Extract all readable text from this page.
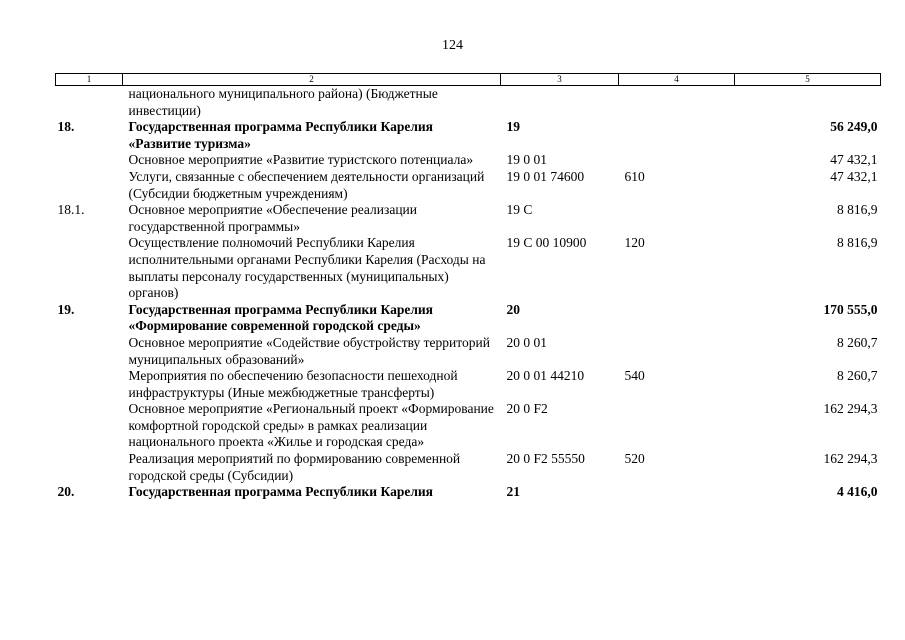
124
1	2	3	4	5
	национального муниципального района) (Бюджетные инвестиции)			
18.	Государственная программа Республики Карелия «Развитие туризма»	19		56 249,0
	Основное мероприятие «Развитие туристского потенциала»	19 0 01		47 432,1
	Услуги, связанные с обеспечением деятельности организаций (Субсидии бюджетным учреждениям)	19 0 01 74600	610	47 432,1
18.1.	Основное мероприятие «Обеспечение реализации государственной программы»	19 С		8 816,9
	Осуществление полномочий Республики Карелия исполнительными органами Республики Карелия (Расходы на выплаты персоналу государственных (муниципальных) органов)	19 С 00 10900	120	8 816,9
19.	Государственная программа Республики Карелия «Формирование современной городской среды»	20		170 555,0
	Основное мероприятие «Содействие обустройству территорий муниципальных образований»	20 0 01		8 260,7
	Мероприятия по обеспечению безопасности пешеходной инфраструктуры (Иные межбюджетные трансферты)	20 0 01 44210	540	8 260,7
	Основное мероприятие «Региональный проект «Формирование комфортной городской среды» в рамках реализации национального проекта «Жилье и городская среда»	20 0 F2		162 294,3
	Реализация мероприятий по формированию современной городской среды (Субсидии)	20 0 F2 55550	520	162 294,3
20.	Государственная программа Республики Карелия	21		4 416,0
